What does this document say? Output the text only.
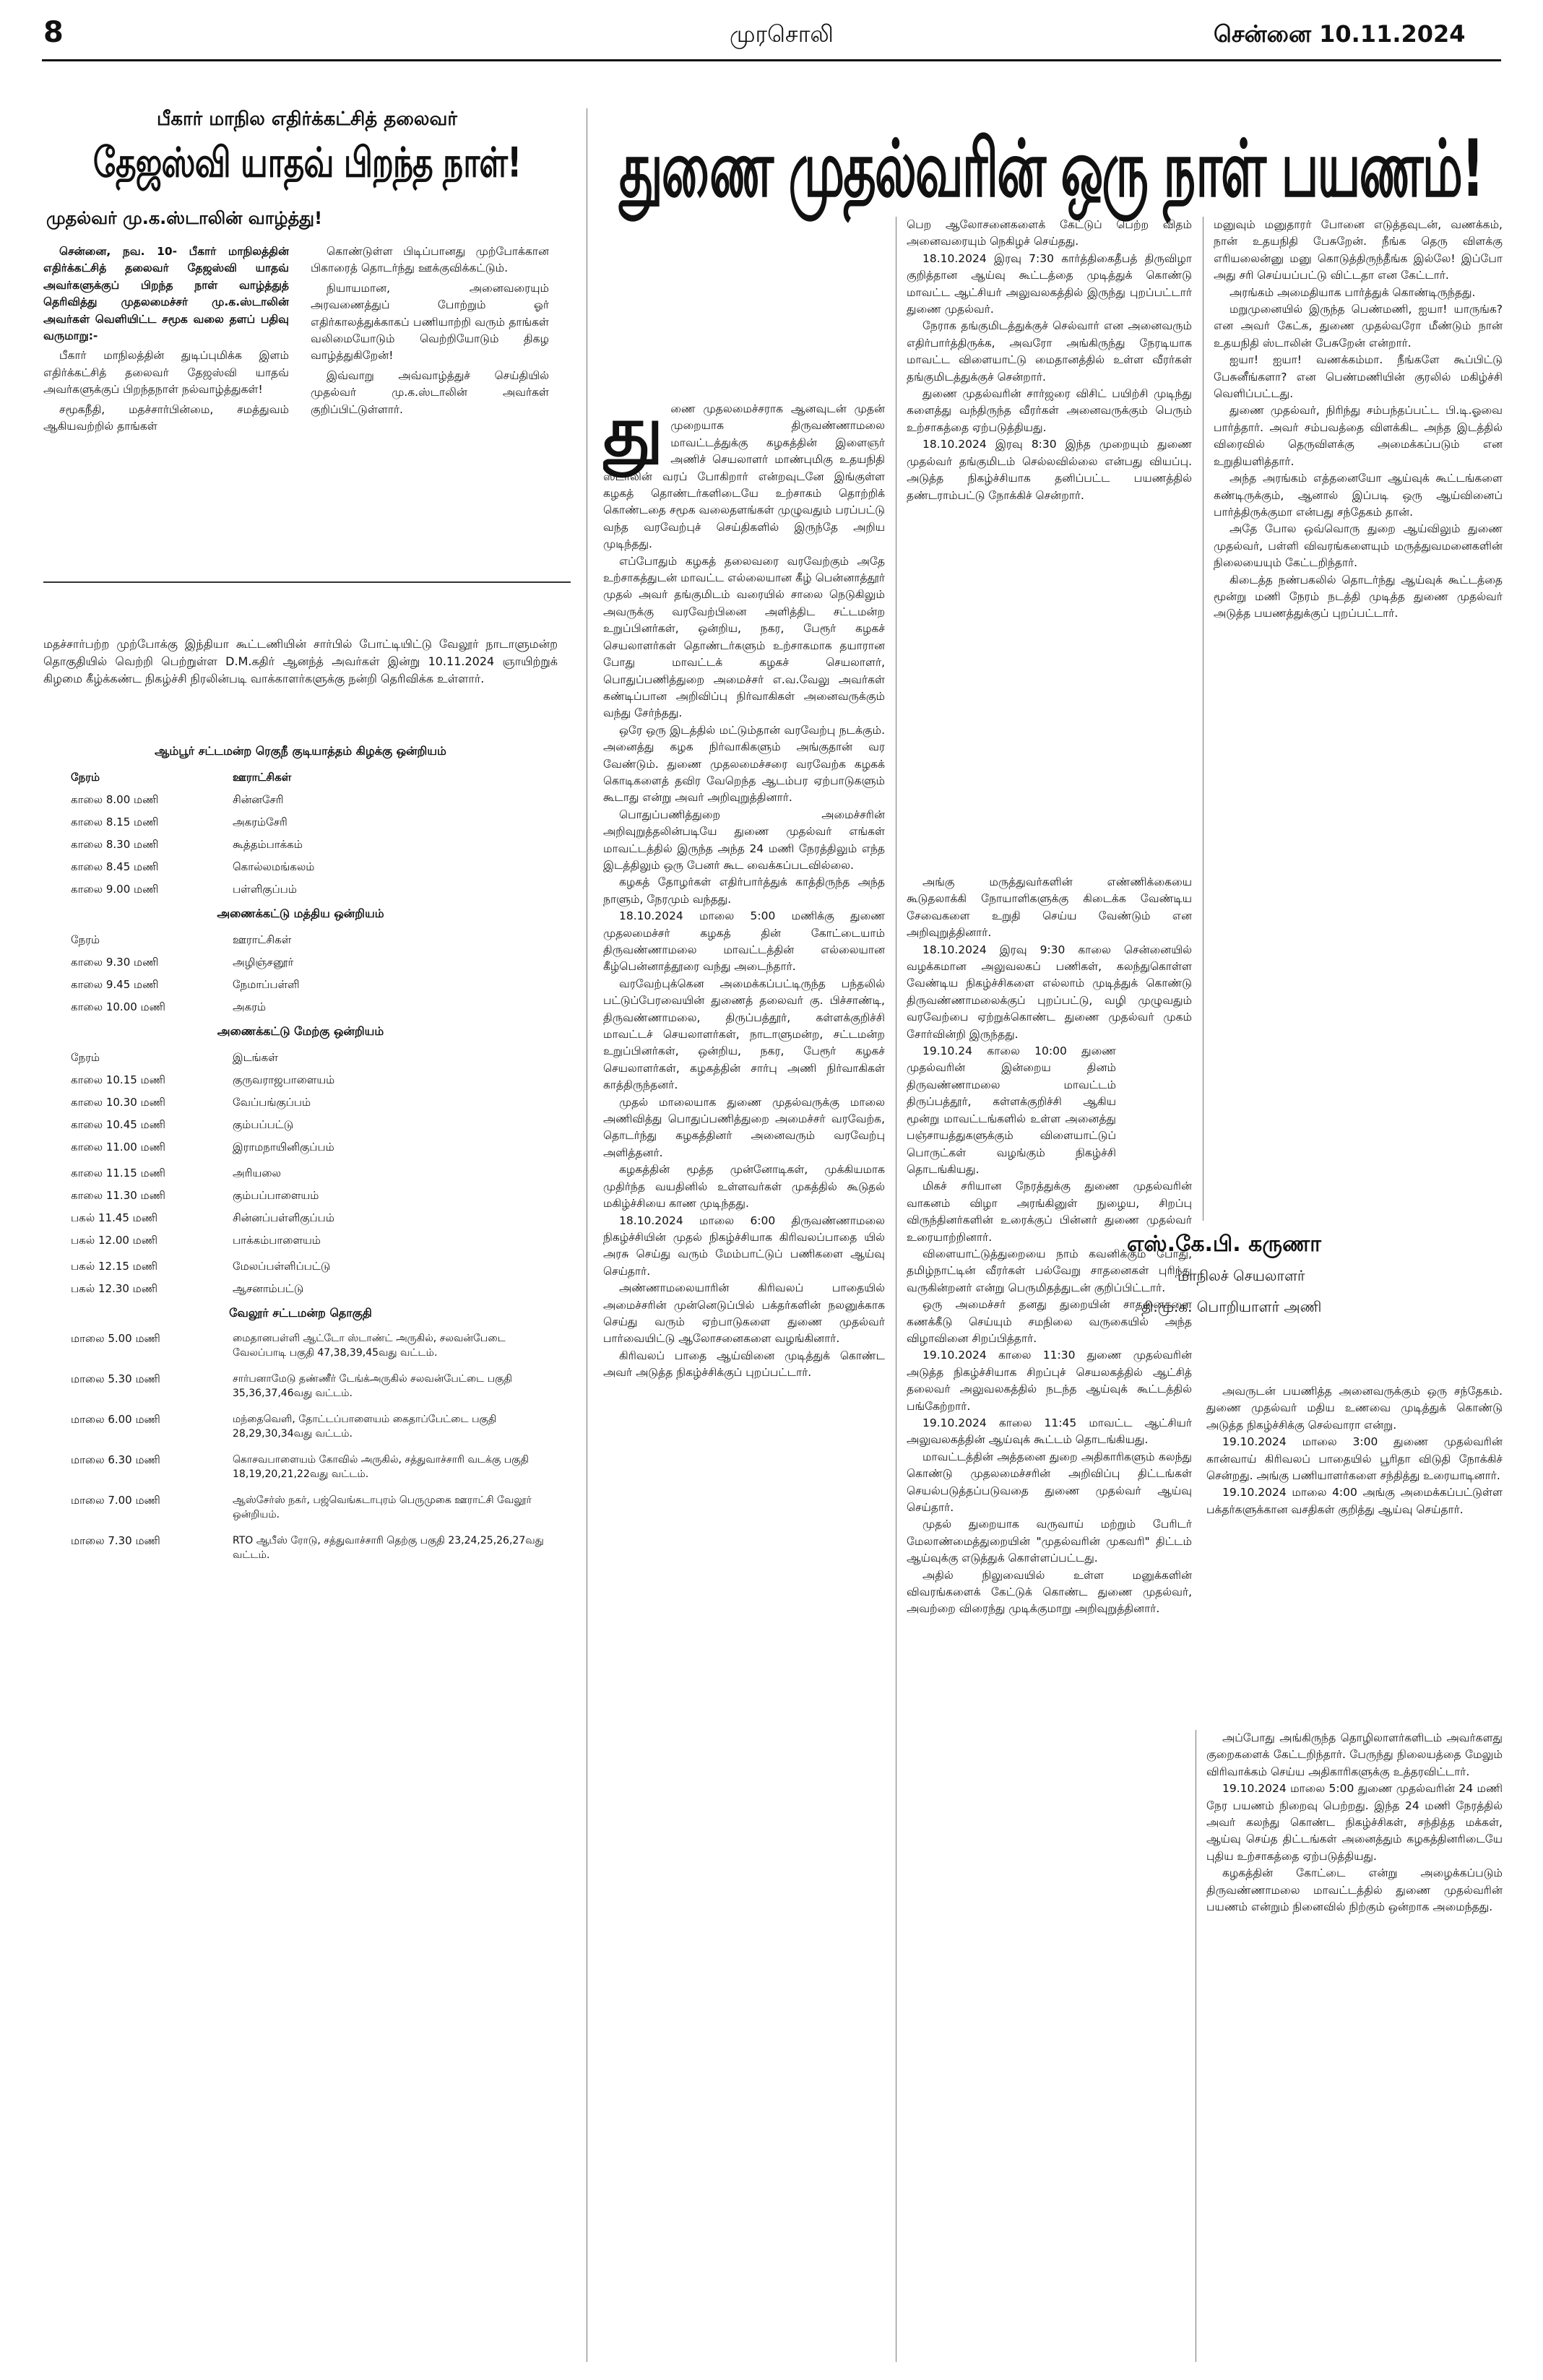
8	முரசொலி	சென்னை 10.11.2024
பீகார் மாநில எதிர்க்கட்சித் தலைவர்
தேஜஸ்வி யாதவ் பிறந்த நாள்!
முதல்வர் மு.க.ஸ்டாலின் வாழ்த்து!

சென்னை, நவ. 10- பீகார் மாநிலத்தின் எதிர்க்கட்சித் தலைவர் தேஜஸ்வி யாதவ் அவர்களுக்குப் பிறந்த நாள் வாழ்த்துத் தெரிவித்து முதலமைச்சர் மு.க.ஸ்டாலின் அவர்கள் வெளியிட்ட சமூக வலை தளப் பதிவு வருமாறு:-

பீகார் மாநிலத்தின் துடிப்புமிக்க இளம் எதிர்க்கட்சித் தலைவர் தேஜஸ்வி யாதவ் அவர்களுக்குப் பிறந்தநாள் நல்வாழ்த்துகள்!

சமூகநீதி, மதச்சார்பின்மை, சமத்துவம் ஆகியவற்றில் தாங்கள்

கொண்டுள்ள பிடிப்பானது முற்போக்கான பிகாரைத் தொடர்ந்து ஊக்குவிக்கட்டும்.

நியாயமான, அனைவரையும் அரவணைத்துப் போற்றும் ஓர் எதிர்காலத்துக்காகப் பணியாற்றி வரும் தாங்கள் வலிமையோடும் வெற்றியோடும் திகழ வாழ்த்துகிறேன்!

இவ்வாறு அவ்வாழ்த்துச் செய்தியில் முதல்வர் மு.க.ஸ்டாலின் அவர்கள் குறிப்பிட்டுள்ளார்.

மதச்சார்பற்ற முற்போக்கு இந்தியா கூட்டணியின் சார்பில் போட்டியிட்டு வேலூர் நாடாளுமன்ற தொகுதியில் வெற்றி பெற்றுள்ள D.M.கதிர் ஆனந்த் அவர்கள் இன்று 10.11.2024 ஞாயிற்றுக் கிழமை கீழ்க்கண்ட நிகழ்ச்சி நிரலின்படி வாக்காளர்களுக்கு நன்றி தெரிவிக்க உள்ளார்.
ஆம்பூர் சட்டமன்ற ரெகுநீ குடியாத்தம் கிழக்கு ஒன்றியம்
நேரம்	ஊராட்சிகள்
காலை 8.00 மணி	சின்னசேரி
காலை 8.15 மணி	அகரம்சேரி
காலை 8.30 மணி	கூத்தம்பாக்கம்
காலை 8.45 மணி	கொல்லமங்கலம்
காலை 9.00 மணி	பள்ளிகுப்பம்
அணைக்கட்டு மத்திய ஒன்றியம்
நேரம்	ஊராட்சிகள்
காலை 9.30 மணி	அழிஞ்சனூர்
காலை 9.45 மணி	நேமாப்பள்ளி
காலை 10.00 மணி	அகரம்
அணைக்கட்டு மேற்கு ஒன்றியம்
நேரம்	இடங்கள்
காலை 10.15 மணி	குருவராஜபாளையம்
காலை 10.30 மணி	வேப்பங்குப்பம்
காலை 10.45 மணி	கும்பப்பட்டு
காலை 11.00 மணி	இராமநாயினிகுப்பம்
காலை 11.15 மணி	அரியலை
காலை 11.30 மணி	கும்பப்பாளையம்
பகல் 11.45 மணி	சின்னப்பள்ளிகுப்பம்
பகல் 12.00 மணி	பாக்கம்பாளையம்
பகல் 12.15 மணி	மேலப்பள்ளிப்பட்டு
பகல் 12.30 மணி	ஆசனாம்பட்டு
வேலூர் சட்டமன்ற தொகுதி
மாலை 5.00 மணி	மைதானபள்ளி ஆட்டோ ஸ்டாண்ட் அருகில், சலவன்பேடை வேலப்பாடி பகுதி 47,38,39,45வது வட்டம்.
மாலை 5.30 மணி	சார்பனாமேடு தண்ணீர் டேங்க்அருகில் சலவன்பேட்டை பகுதி 35,36,37,46வது வட்டம்.
மாலை 6.00 மணி	மந்தைவெளி, தோட்டப்பாளையம் கைதாப்பேட்டை பகுதி 28,29,30,34வது வட்டம்.
மாலை 6.30 மணி	கொசவபாளையம் கோவில் அருகில், சத்துவாச்சாரி வடக்கு பகுதி 18,19,20,21,22வது வட்டம்.
மாலை 7.00 மணி	ஆஸ்சேர்ஸ் நகர், பஜ்வெங்கடாபுரம் பெருமுகை ஊராட்சி வேலூர் ஒன்றியம்.
மாலை 7.30 மணி	RTO ஆபீஸ் ரோடு, சத்துவாச்சாரி தெற்கு பகுதி 23,24,25,26,27வது வட்டம்.
துணை முதல்வரின் ஒரு நாள் பயணம்!
து ணை முதலமைச்சராக ஆனவுடன் முதன் முறையாக திருவண்ணாமலை மாவட்டத்துக்கு கழகத்தின் இளைஞர் அணிச் செயலாளர் மாண்புமிகு உதயநிதி ஸ்டாலின் வரப் போகிறார் என்றவுடனே இங்குள்ள கழகத் தொண்டர்களிடையே உற்சாகம் தொற்றிக் கொண்டதை சமூக வலைதளங்கள் முழுவதும் பரப்பட்டு வந்த வரவேற்புச் செய்திகளில் இருந்தே அறிய முடிந்தது.

எப்போதும் கழகத் தலைவரை வரவேற்கும் அதே உற்சாகத்துடன் மாவட்ட எல்லையான கீழ் பென்னாத்தூர் முதல் அவர் தங்குமிடம் வரையில் சாலை நெடுகிலும் அவருக்கு வரவேற்பினை அளித்திட சட்டமன்ற உறுப்பினர்கள், ஒன்றிய, நகர, பேரூர் கழகச் செயலாளர்கள் தொண்டர்களும் உற்சாகமாக தயாரான போது மாவட்டக் கழகச் செயலாளர், பொதுப்பணித்துறை அமைச்சர் எ.வ.வேலு அவர்கள் கண்டிப்பான அறிவிப்பு நிர்வாகிகள் அனைவருக்கும் வந்து சேர்ந்தது.

ஒரே ஒரு இடத்தில் மட்டும்தான் வரவேற்பு நடக்கும். அனைத்து கழக நிர்வாகிகளும் அங்குதான் வர வேண்டும். துணை முதலமைச்சரை வரவேற்க கழகக் கொடிகளைத் தவிர வேறெந்த ஆடம்பர ஏற்பாடுகளும் கூடாது என்று அவர் அறிவுறுத்தினார்.

பொதுப்பணித்துறை அமைச்சரின் அறிவுறுத்தலின்படியே துணை முதல்வர் எங்கள் மாவட்டத்தில் இருந்த அந்த 24 மணி நேரத்திலும் எந்த இடத்திலும் ஒரு பேனர் கூட வைக்கப்படவில்லை.

கழகத் தோழர்கள் எதிர்பார்த்துக் காத்திருந்த அந்த நாளும், நேரமும் வந்தது.

18.10.2024 மாலை 5:00 மணிக்கு துணை முதலமைச்சர் கழகத் தின் கோட்டையாம் திருவண்ணாமலை மாவட்டத்தின் எல்லையான கீழ்பென்னாத்தூரை வந்து அடைந்தார்.

வரவேற்புக்கென அமைக்கப்பட்டிருந்த பந்தலில் பட்டுப்பேரவையின் துணைத் தலைவர் கு. பிச்சாண்டி, திருவண்ணாமலை, திருப்பத்தூர், கள்ளக்குறிச்சி மாவட்டச் செயலாளர்கள், நாடாளுமன்ற, சட்டமன்ற உறுப்பினர்கள், ஒன்றிய, நகர, பேரூர் கழகச் செயலாளர்கள், கழகத்தின் சார்பு அணி நிர்வாகிகள் காத்திருந்தனர்.

முதல் மாலையாக துணை முதல்வருக்கு மாலை அணிவித்து பொதுப்பணித்துறை அமைச்சர் வரவேற்க, தொடர்ந்து கழகத்தினர் அனைவரும் வரவேற்பு அளித்தனர்.

கழகத்தின் மூத்த முன்னோடிகள், முக்கியமாக முதிர்ந்த வயதினில் உள்ளவர்கள் முகத்தில் கூடுதல் மகிழ்ச்சியை காண முடிந்தது.

18.10.2024 மாலை 6:00 திருவண்ணாமலை நிகழ்ச்சியின் முதல் நிகழ்ச்சியாக கிரிவலப்பாதை யில் அரசு செய்து வரும் மேம்பாட்டுப் பணிகளை ஆய்வு செய்தார்.

அண்ணாமலையாரின் கிரிவலப் பாதையில் அமைச்சரின் முன்னெடுப்பில் பக்தர்களின் நலனுக்காக செய்து வரும் ஏற்பாடுகளை துணை முதல்வர் பார்வையிட்டு ஆலோசனைகளை வழங்கினார்.

கிரிவலப் பாதை ஆய்வினை முடித்துக் கொண்ட அவர் அடுத்த நிகழ்ச்சிக்குப் புறப்பட்டார்.

பெற ஆலோசனைகளைக் கேட்டுப் பெற்ற விதம் அனைவரையும் நெகிழச் செய்தது.

18.10.2024 இரவு 7:30 கார்த்திகைதீபத் திருவிழா குறித்தான ஆய்வு கூட்டத்தை முடித்துக் கொண்டு மாவட்ட ஆட்சியர் அலுவலகத்தில் இருந்து புறப்பட்டார் துணை முதல்வர்.

நேராக தங்குமிடத்துக்குச் செல்வார் என அனைவரும் எதிர்பார்த்திருக்க, அவரோ அங்கிருந்து நேரடியாக மாவட்ட விளையாட்டு மைதானத்தில் உள்ள வீரர்கள் தங்குமிடத்துக்குச் சென்றார்.

துணை முதல்வரின் சார்ஜரை விசிட் பயிற்சி முடிந்து களைத்து வந்திருந்த வீரர்கள் அனைவருக்கும் பெரும் உற்சாகத்தை ஏற்படுத்தியது.

18.10.2024 இரவு 8:30 இந்த முறையும் துணை முதல்வர் தங்குமிடம் செல்லவில்லை என்பது வியப்பு. அடுத்த நிகழ்ச்சியாக தனிப்பட்ட பயணத்தில் தண்டராம்பட்டு நோக்கிச் சென்றார்.

அங்கு மருத்துவர்களின் எண்ணிக்கையை கூடுதலாக்கி நோயாளிகளுக்கு கிடைக்க வேண்டிய சேவைகளை உறுதி செய்ய வேண்டும் என அறிவுறுத்தினார்.

18.10.2024 இரவு 9:30 காலை சென்னையில் வழக்கமான அலுவலகப் பணிகள், கலந்துகொள்ள வேண்டிய நிகழ்ச்சிகளை எல்லாம் முடித்துக் கொண்டு திருவண்ணாமலைக்குப் புறப்பட்டு, வழி முழுவதும் வரவேற்பை ஏற்றுக்கொண்ட துணை முதல்வர் முகம் சோர்வின்றி இருந்தது.

19.10.24 காலை 10:00 துணை முதல்வரின் இன்றைய தினம் திருவண்ணாமலை மாவட்டம் திருப்பத்தூர், கள்ளக்குறிச்சி ஆகிய மூன்று மாவட்டங்களில் உள்ள அனைத்து பஞ்சாயத்துகளுக்கும் விளையாட்டுப் பொருட்கள் வழங்கும் நிகழ்ச்சி தொடங்கியது.

மிகச் சரியான நேரத்துக்கு துணை முதல்வரின் வாகனம் விழா அரங்கினுள் நுழைய, சிறப்பு விருந்தினர்களின் உரைக்குப் பின்னர் துணை முதல்வர் உரையாற்றினார்.

விளையாட்டுத்துறையை நாம் கவனிக்கும் போது, தமிழ்நாட்டின் வீரர்கள் பல்வேறு சாதனைகள் புரிந்து வருகின்றனர் என்று பெருமிதத்துடன் குறிப்பிட்டார்.

ஒரு அமைச்சர் தனது துறையின் சாதனைகளை கணக்கீடு செய்யும் சமநிலை வருகையில் அந்த விழாவினை சிறப்பித்தார்.

19.10.2024 காலை 11:30 துணை முதல்வரின் அடுத்த நிகழ்ச்சியாக சிறப்புச் செயலகத்தில் ஆட்சித் தலைவர் அலுவலகத்தில் நடந்த ஆய்வுக் கூட்டத்தில் பங்கேற்றார்.

19.10.2024 காலை 11:45 மாவட்ட ஆட்சியர் அலுவலகத்தின் ஆய்வுக் கூட்டம் தொடங்கியது.

மாவட்டத்தின் அத்தனை துறை அதிகாரிகளும் கலந்து கொண்டு முதலமைச்சரின் அறிவிப்பு திட்டங்கள் செயல்படுத்தப்படுவதை துணை முதல்வர் ஆய்வு செய்தார்.

முதல் துறையாக வருவாய் மற்றும் பேரிடர் மேலாண்மைத்துறையின் "முதல்வரின் முகவரி" திட்டம் ஆய்வுக்கு எடுத்துக் கொள்ளப்பட்டது.

அதில் நிலுவையில் உள்ள மனுக்களின் விவரங்களைக் கேட்டுக் கொண்ட துணை முதல்வர், அவற்றை விரைந்து முடிக்குமாறு அறிவுறுத்தினார்.

எஸ்.கே.பி. கருணா
மாநிலச் செயலாளர்
தி.மு.க. பொறியாளர் அணி

மனுவும் மனுதாரர் போனை எடுத்தவுடன், வணக்கம், நான் உதயநிதி பேசுறேன். நீங்க தெரு விளக்கு எரியலைன்னு மனு கொடுத்திருந்தீங்க இல்லே! இப்போ அது சரி செய்யப்பட்டு விட்டதா என கேட்டார்.

அரங்கம் அமைதியாக பார்த்துக் கொண்டிருந்தது.

மறுமுனையில் இருந்த பெண்மணி, ஐயா! யாருங்க? என அவர் கேட்க, துணை முதல்வரோ மீண்டும் நான் உதயநிதி ஸ்டாலின் பேசுறேன் என்றார்.

ஐயா! ஐயா! வணக்கம்மா. நீங்களே கூப்பிட்டு பேசுனீங்களா? என பெண்மணியின் குரலில் மகிழ்ச்சி வெளிப்பட்டது.

துணை முதல்வர், நிரிந்து சம்பந்தப்பட்ட பி.டி.ஓவை பார்த்தார். அவர் சம்பவத்தை விளக்கிட அந்த இடத்தில் விரைவில் தெருவிளக்கு அமைக்கப்படும் என உறுதியளித்தார்.

அந்த அரங்கம் எத்தனையோ ஆய்வுக் கூட்டங்களை கண்டிருக்கும், ஆனால் இப்படி ஒரு ஆய்வினைப் பார்த்திருக்குமா என்பது சந்தேகம் தான்.

அதே போல ஒவ்வொரு துறை ஆய்விலும் துணை முதல்வர், பள்ளி விவரங்களையும் மருத்துவமனைகளின் நிலையையும் கேட்டறிந்தார்.

கிடைத்த நண்பகலில் தொடர்ந்து ஆய்வுக் கூட்டத்தை மூன்று மணி நேரம் நடத்தி முடித்த துணை முதல்வர் அடுத்த பயணத்துக்குப் புறப்பட்டார்.

அவருடன் பயணித்த அனைவருக்கும் ஒரு சந்தேகம். துணை முதல்வர் மதிய உணவை முடித்துக் கொண்டு அடுத்த நிகழ்ச்சிக்கு செல்வாரா என்று.

19.10.2024 மாலை 3:00 துணை முதல்வரின் கான்வாய் கிரிவலப் பாதையில் பூரிதா விடுதி நோக்கிச் சென்றது. அங்கு பணியாளர்களை சந்தித்து உரையாடினார்.

19.10.2024 மாலை 4:00 அங்கு அமைக்கப்பட்டுள்ள பக்தர்களுக்கான வசதிகள் குறித்து ஆய்வு செய்தார்.

அப்போது அங்கிருந்த தொழிலாளர்களிடம் அவர்களது குறைகளைக் கேட்டறிந்தார். பேருந்து நிலையத்தை மேலும் விரிவாக்கம் செய்ய அதிகாரிகளுக்கு உத்தரவிட்டார்.

19.10.2024 மாலை 5:00 துணை முதல்வரின் 24 மணி நேர பயணம் நிறைவு பெற்றது. இந்த 24 மணி நேரத்தில் அவர் கலந்து கொண்ட நிகழ்ச்சிகள், சந்தித்த மக்கள், ஆய்வு செய்த திட்டங்கள் அனைத்தும் கழகத்தினரிடையே புதிய உற்சாகத்தை ஏற்படுத்தியது.

கழகத்தின் கோட்டை என்று அழைக்கப்படும் திருவண்ணாமலை மாவட்டத்தில் துணை முதல்வரின் பயணம் என்றும் நினைவில் நிற்கும் ஒன்றாக அமைந்தது.
